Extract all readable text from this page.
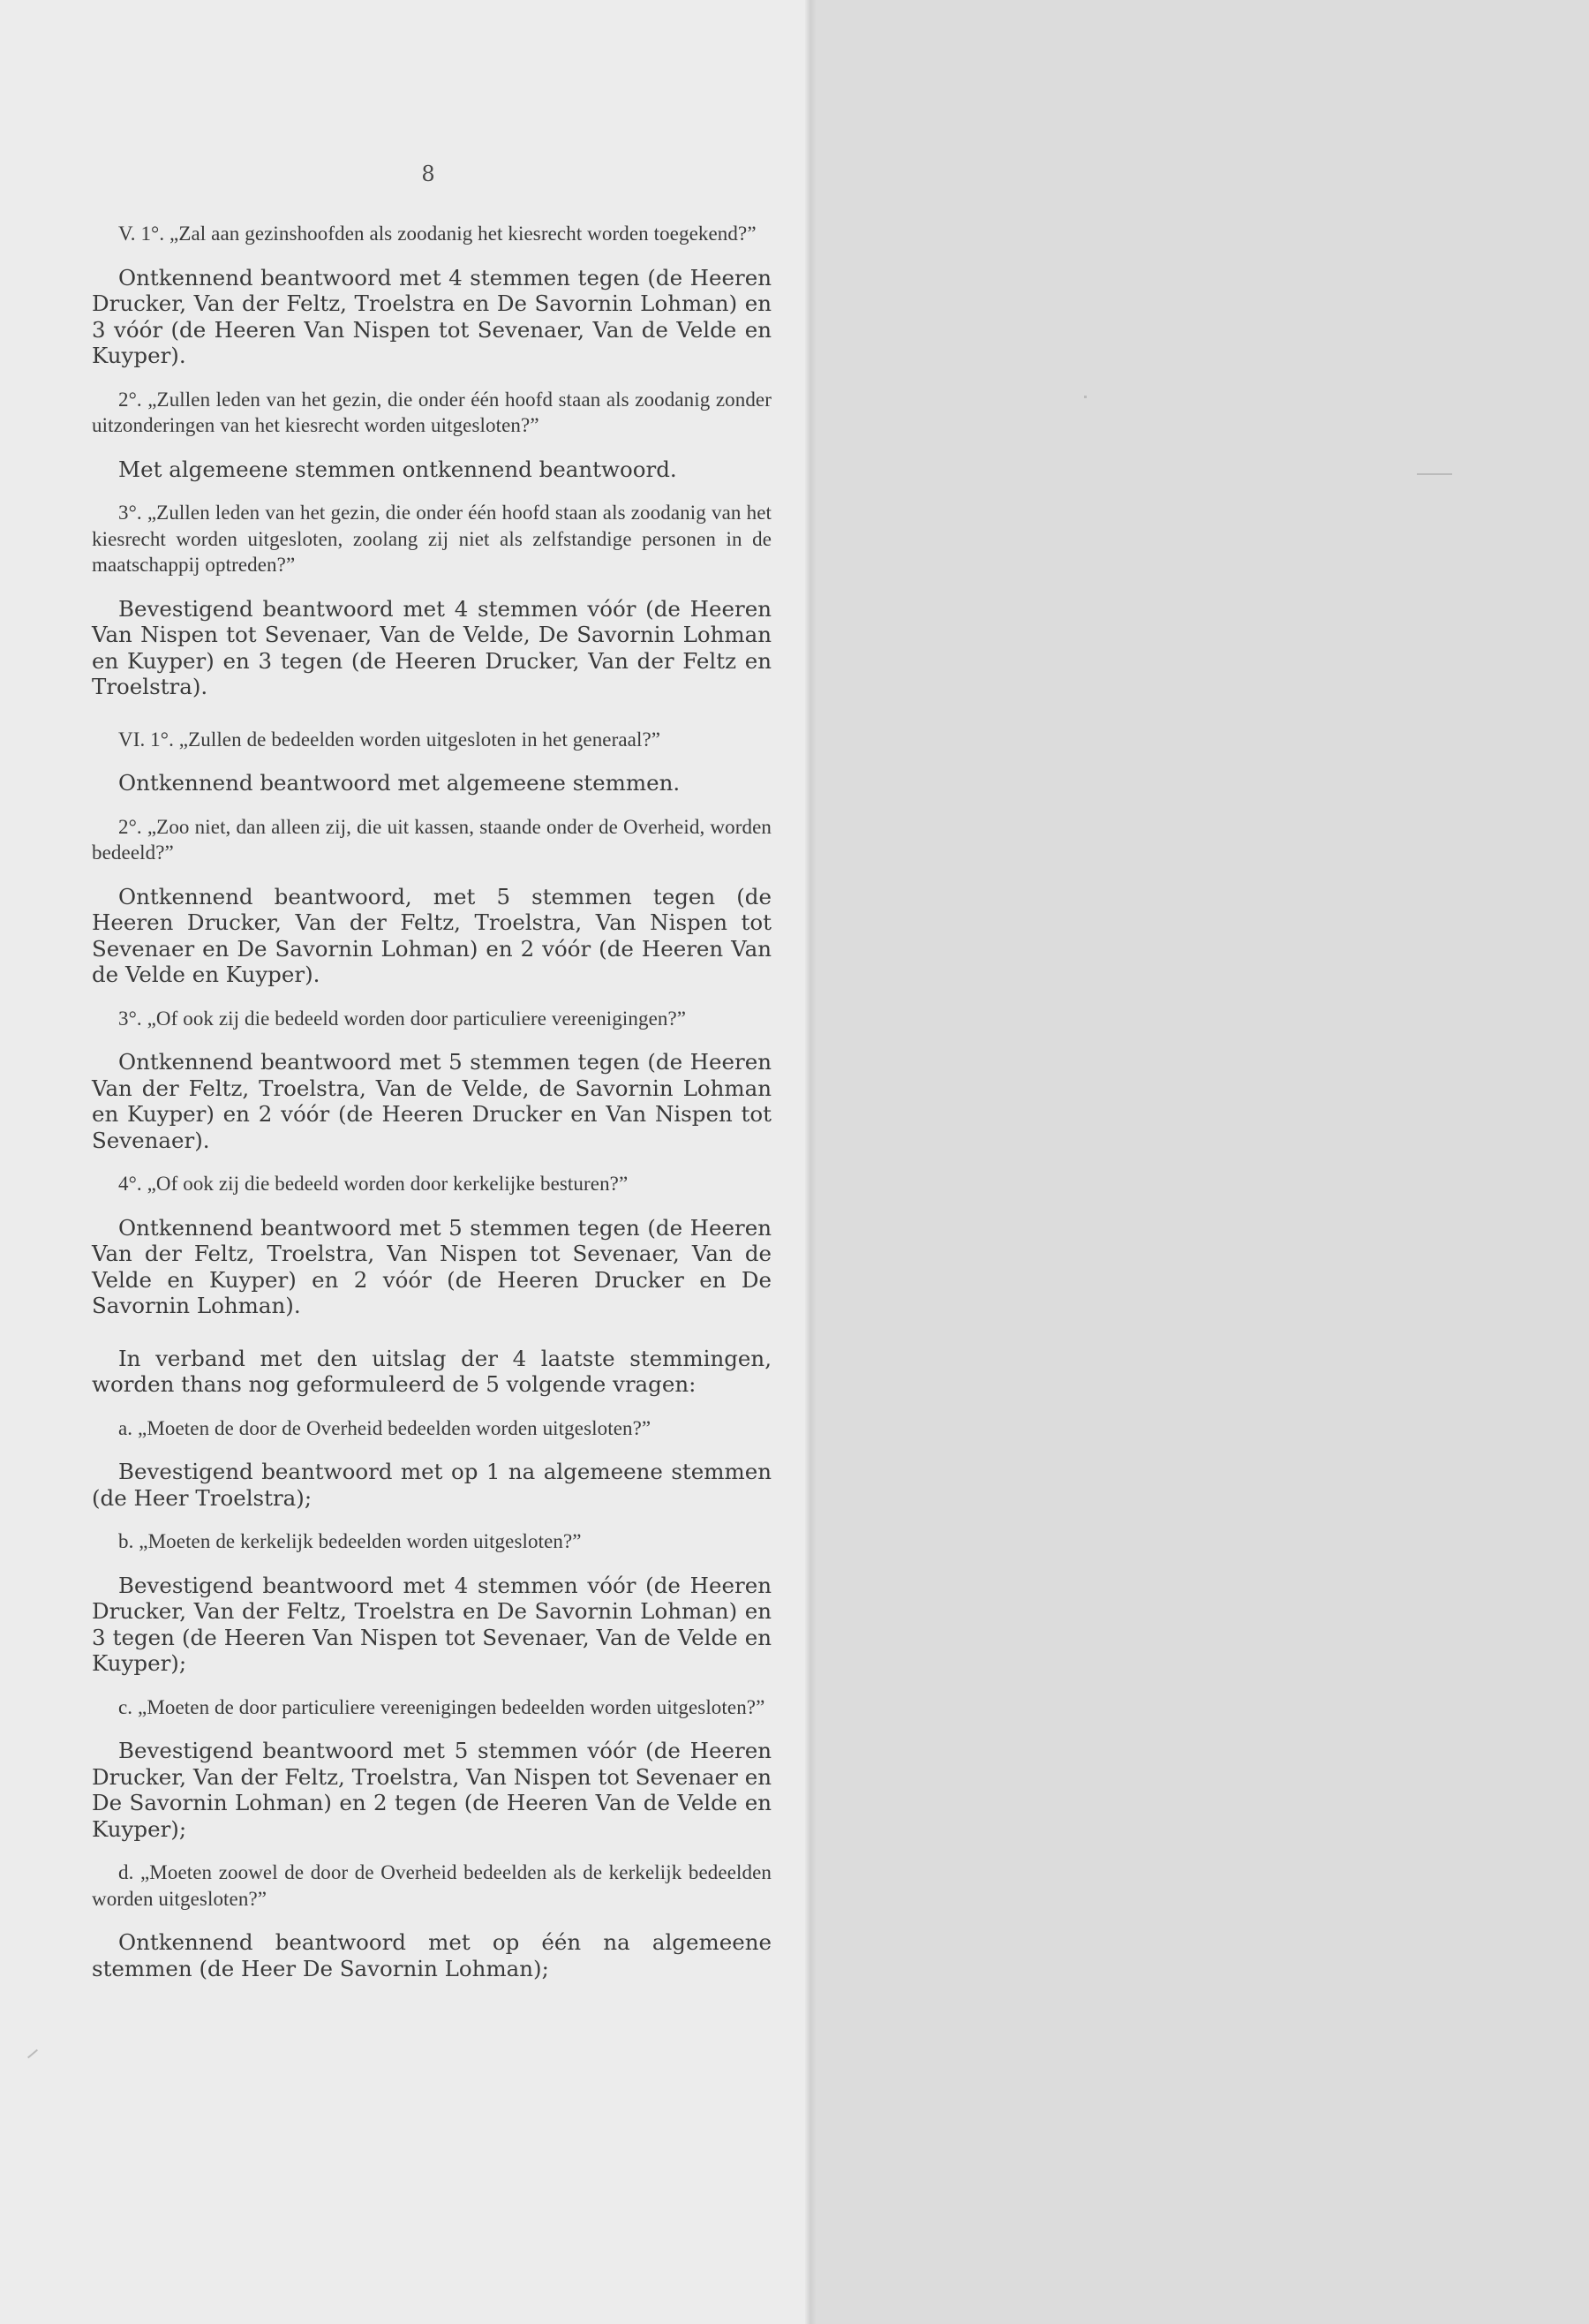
8

V. 1°. „Zal aan gezinshoofden als zoodanig het kiesrecht worden toegekend?”

Ontkennend beantwoord met 4 stemmen tegen (de Heeren Drucker, Van der Feltz, Troelstra en De Savornin Lohman) en 3 vóór (de Heeren Van Nispen tot Sevenaer, Van de Velde en Kuyper).

2°. „Zullen leden van het gezin, die onder één hoofd staan als zoodanig zonder uitzonderingen van het kiesrecht worden uitgesloten?”

Met algemeene stemmen ontkennend beantwoord.

3°. „Zullen leden van het gezin, die onder één hoofd staan als zoodanig van het kiesrecht worden uitgesloten, zoolang zij niet als zelfstandige personen in de maatschappij optreden?”

Bevestigend beantwoord met 4 stemmen vóór (de Heeren Van Nispen tot Sevenaer, Van de Velde, De Savornin Lohman en Kuyper) en 3 tegen (de Heeren Drucker, Van der Feltz en Troelstra).

VI. 1°. „Zullen de bedeelden worden uitgesloten in het generaal?”

Ontkennend beantwoord met algemeene stemmen.

2°. „Zoo niet, dan alleen zij, die uit kassen, staande onder de Overheid, worden bedeeld?”

Ontkennend beantwoord, met 5 stemmen tegen (de Heeren Drucker, Van der Feltz, Troelstra, Van Nispen tot Sevenaer en De Savornin Lohman) en 2 vóór (de Heeren Van de Velde en Kuyper).

3°. „Of ook zij die bedeeld worden door particuliere vereenigingen?”

Ontkennend beantwoord met 5 stemmen tegen (de Heeren Van der Feltz, Troelstra, Van de Velde, de Savornin Lohman en Kuyper) en 2 vóór (de Heeren Drucker en Van Nispen tot Sevenaer).

4°. „Of ook zij die bedeeld worden door kerkelijke besturen?”

Ontkennend beantwoord met 5 stemmen tegen (de Heeren Van der Feltz, Troelstra, Van Nispen tot Sevenaer, Van de Velde en Kuyper) en 2 vóór (de Heeren Drucker en De Savornin Lohman).

In verband met den uitslag der 4 laatste stemmingen, worden thans nog geformuleerd de 5 volgende vragen:

a. „Moeten de door de Overheid bedeelden worden uitgesloten?”

Bevestigend beantwoord met op 1 na algemeene stemmen (de Heer Troelstra);

b. „Moeten de kerkelijk bedeelden worden uitgesloten?”

Bevestigend beantwoord met 4 stemmen vóór (de Heeren Drucker, Van der Feltz, Troelstra en De Savornin Lohman) en 3 tegen (de Heeren Van Nispen tot Sevenaer, Van de Velde en Kuyper);

c. „Moeten de door particuliere vereenigingen bedeelden worden uitgesloten?”

Bevestigend beantwoord met 5 stemmen vóór (de Heeren Drucker, Van der Feltz, Troelstra, Van Nispen tot Sevenaer en De Savornin Lohman) en 2 tegen (de Heeren Van de Velde en Kuyper);

d. „Moeten zoowel de door de Overheid bedeelden als de kerkelijk bedeelden worden uitgesloten?”

Ontkennend beantwoord met op één na algemeene stemmen (de Heer De Savornin Lohman);
